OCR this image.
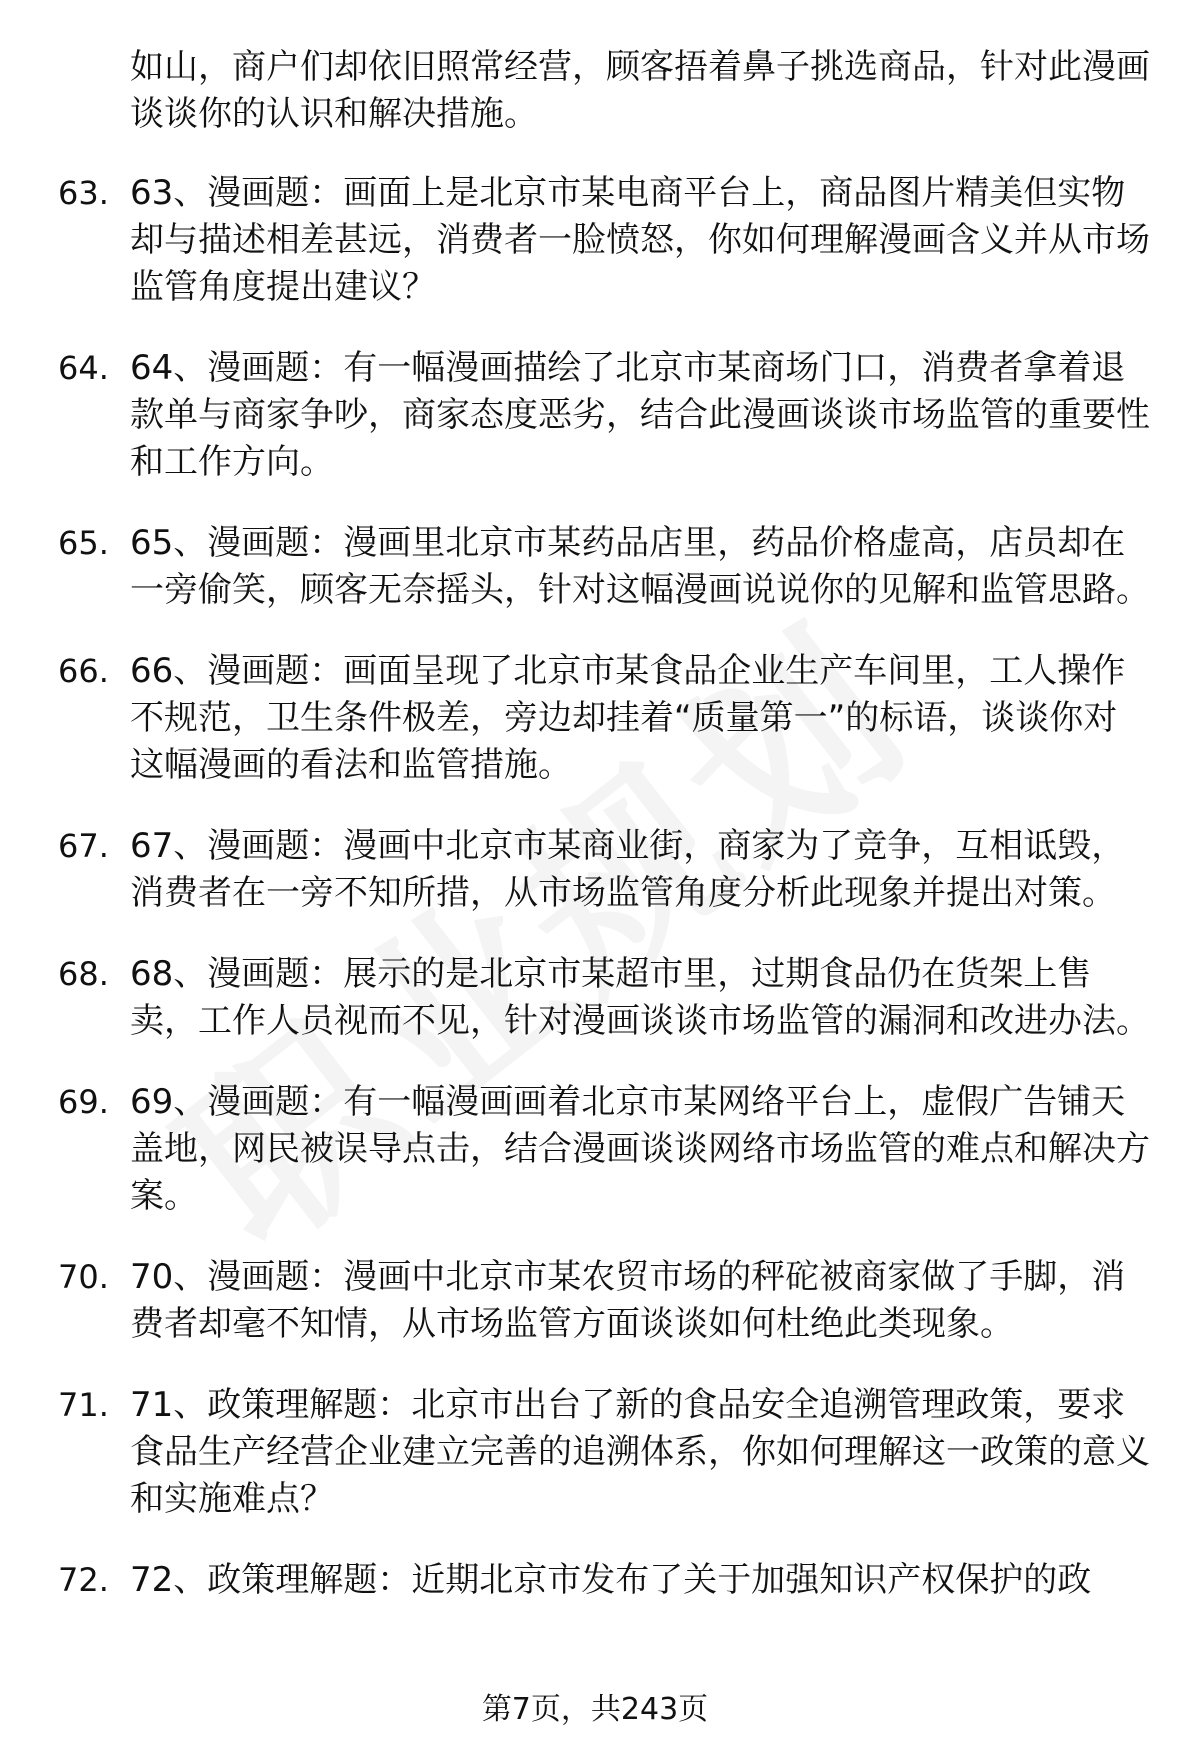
如山，商户们却依旧照常经营，顾客捂着鼻子挑选商品，针对此漫画谈谈你的认识和解决措施。
63. 63、漫画题：画面上是北京市某电商平台上，商品图片精美但实物却与描述相差甚远，消费者一脸愤怒，你如何理解漫画含义并从市场监管角度提出建议？
64. 64、漫画题：有一幅漫画描绘了北京市某商场门口，消费者拿着退款单与商家争吵，商家态度恶劣，结合此漫画谈谈市场监管的重要性和工作方向。
65. 65、漫画题：漫画里北京市某药品店里，药品价格虚高，店员却在一旁偷笑，顾客无奈摇头，针对这幅漫画说说你的见解和监管思路。
66. 66、漫画题：画面呈现了北京市某食品企业生产车间里，工人操作不规范，卫生条件极差，旁边却挂着“质量第一”的标语，谈谈你对这幅漫画的看法和监管措施。
67. 67、漫画题：漫画中北京市某商业街，商家为了竞争，互相诋毁，消费者在一旁不知所措，从市场监管角度分析此现象并提出对策。
68. 68、漫画题：展示的是北京市某超市里，过期食品仍在货架上售卖，工作人员视而不见，针对漫画谈谈市场监管的漏洞和改进办法。
69. 69、漫画题：有一幅漫画画着北京市某网络平台上，虚假广告铺天盖地，网民被误导点击，结合漫画谈谈网络市场监管的难点和解决方案。
70. 70、漫画题：漫画中北京市某农贸市场的秤砣被商家做了手脚，消费者却毫不知情，从市场监管方面谈谈如何杜绝此类现象。
71. 71、政策理解题：北京市出台了新的食品安全追溯管理政策，要求食品生产经营企业建立完善的追溯体系，你如何理解这一政策的意义和实施难点？
72. 72、政策理解题：近期北京市发布了关于加强知识产权保护的政
第7页，共243页
